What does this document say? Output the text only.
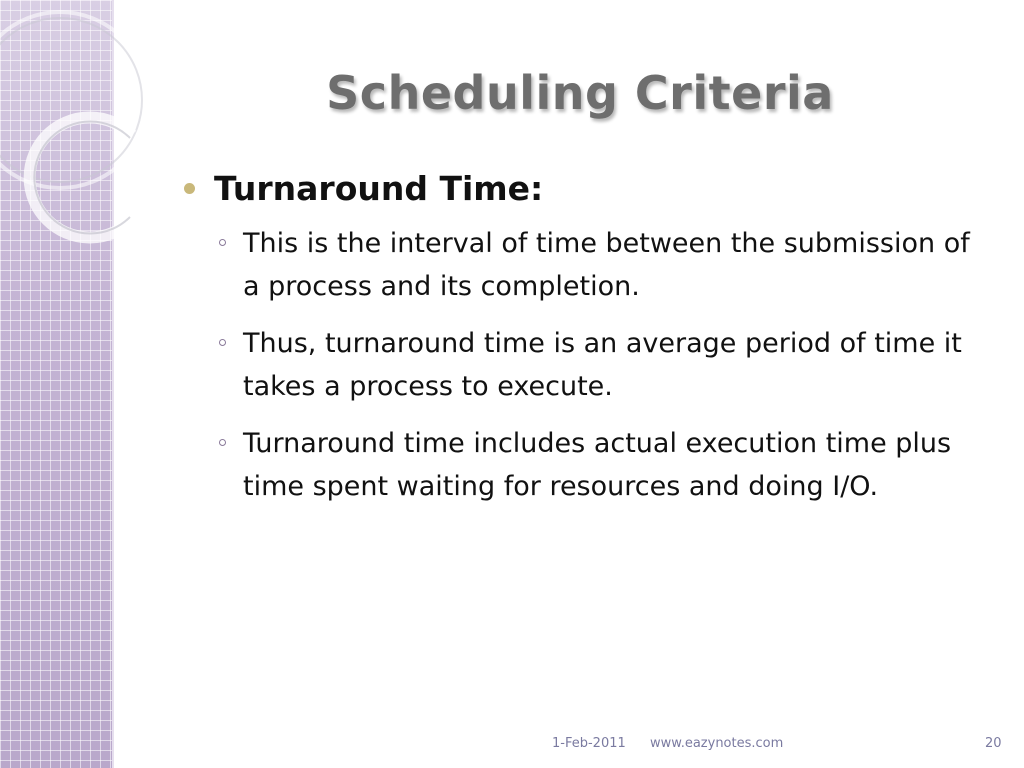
Scheduling Criteria
Turnaround Time:
This is the interval of time between the submission of a process and its completion.
Thus, turnaround time is an average period of time it takes a process to execute.
Turnaround time includes actual execution time plus time spent waiting for resources and doing I/O.
1-Feb-2011 www.eazynotes.com	20
